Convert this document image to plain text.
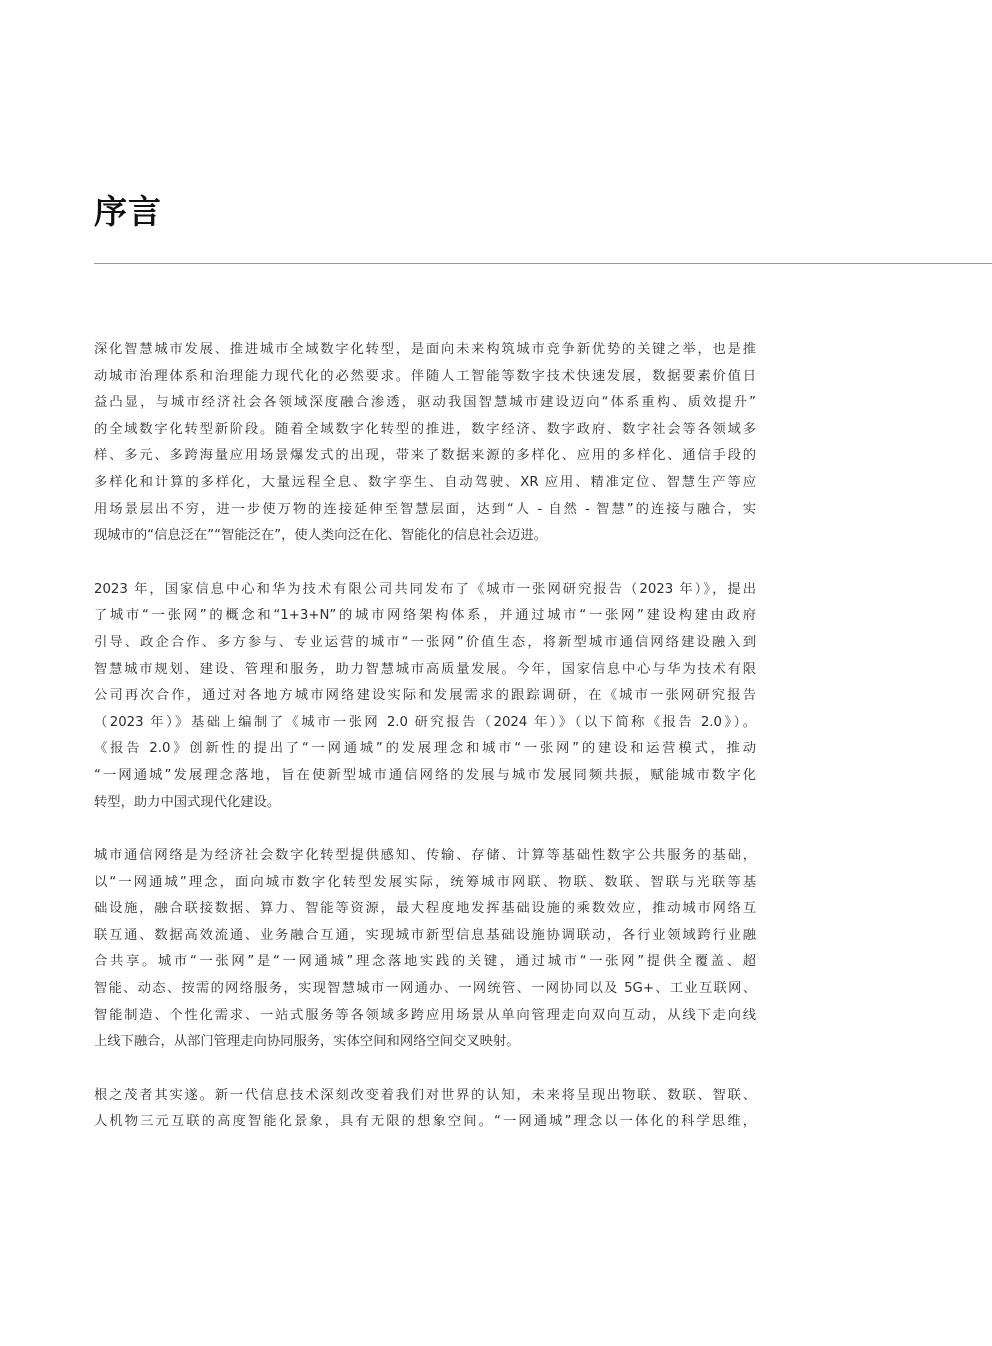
序言

深化智慧城市发展、推进城市全域数字化转型，是面向未来构筑城市竞争新优势的关键之举，也是推
动城市治理体系和治理能力现代化的必然要求。伴随人工智能等数字技术快速发展，数据要素价值日
益凸显，与城市经济社会各领域深度融合渗透，驱动我国智慧城市建设迈向“体系重构、质效提升”
的全域数字化转型新阶段。随着全域数字化转型的推进，数字经济、数字政府、数字社会等各领域多
样、多元、多跨海量应用场景爆发式的出现，带来了数据来源的多样化、应用的多样化、通信手段的
多样化和计算的多样化，大量远程全息、数字孪生、自动驾驶、XR 应用、精准定位、智慧生产等应
用场景层出不穷，进一步使万物的连接延伸至智慧层面，达到“人 - 自然 - 智慧”的连接与融合，实
现城市的“信息泛在”“智能泛在”，使人类向泛在化、智能化的信息社会迈进。

2023 年，国家信息中心和华为技术有限公司共同发布了《城市一张网研究报告（2023 年）》，提出
了城市“一张网”的概念和“1+3+N”的城市网络架构体系，并通过城市“一张网”建设构建由政府
引导、政企合作、多方参与、专业运营的城市“一张网”价值生态，将新型城市通信网络建设融入到
智慧城市规划、建设、管理和服务，助力智慧城市高质量发展。今年，国家信息中心与华为技术有限
公司再次合作，通过对各地方城市网络建设实际和发展需求的跟踪调研，在《城市一张网研究报告
（2023 年）》基础上编制了《城市一张网 2.0 研究报告（2024 年）》（以下简称《报告 2.0》）。
《报告 2.0》创新性的提出了“一网通城”的发展理念和城市“一张网”的建设和运营模式，推动
“一网通城”发展理念落地，旨在使新型城市通信网络的发展与城市发展同频共振，赋能城市数字化
转型，助力中国式现代化建设。

城市通信网络是为经济社会数字化转型提供感知、传输、存储、计算等基础性数字公共服务的基础，
以“一网通城”理念，面向城市数字化转型发展实际，统筹城市网联、物联、数联、智联与光联等基
础设施，融合联接数据、算力、智能等资源，最大程度地发挥基础设施的乘数效应，推动城市网络互
联互通、数据高效流通、业务融合互通，实现城市新型信息基础设施协调联动，各行业领域跨行业融
合共享。城市“一张网”是“一网通城”理念落地实践的关键，通过城市“一张网”提供全覆盖、超
智能、动态、按需的网络服务，实现智慧城市一网通办、一网统管、一网协同以及 5G+、工业互联网、
智能制造、个性化需求、一站式服务等各领域多跨应用场景从单向管理走向双向互动，从线下走向线
上线下融合，从部门管理走向协同服务，实体空间和网络空间交叉映射。

根之茂者其实遂。新一代信息技术深刻改变着我们对世界的认知，未来将呈现出物联、数联、智联、
人机物三元互联的高度智能化景象，具有无限的想象空间。“一网通城”理念以一体化的科学思维，
